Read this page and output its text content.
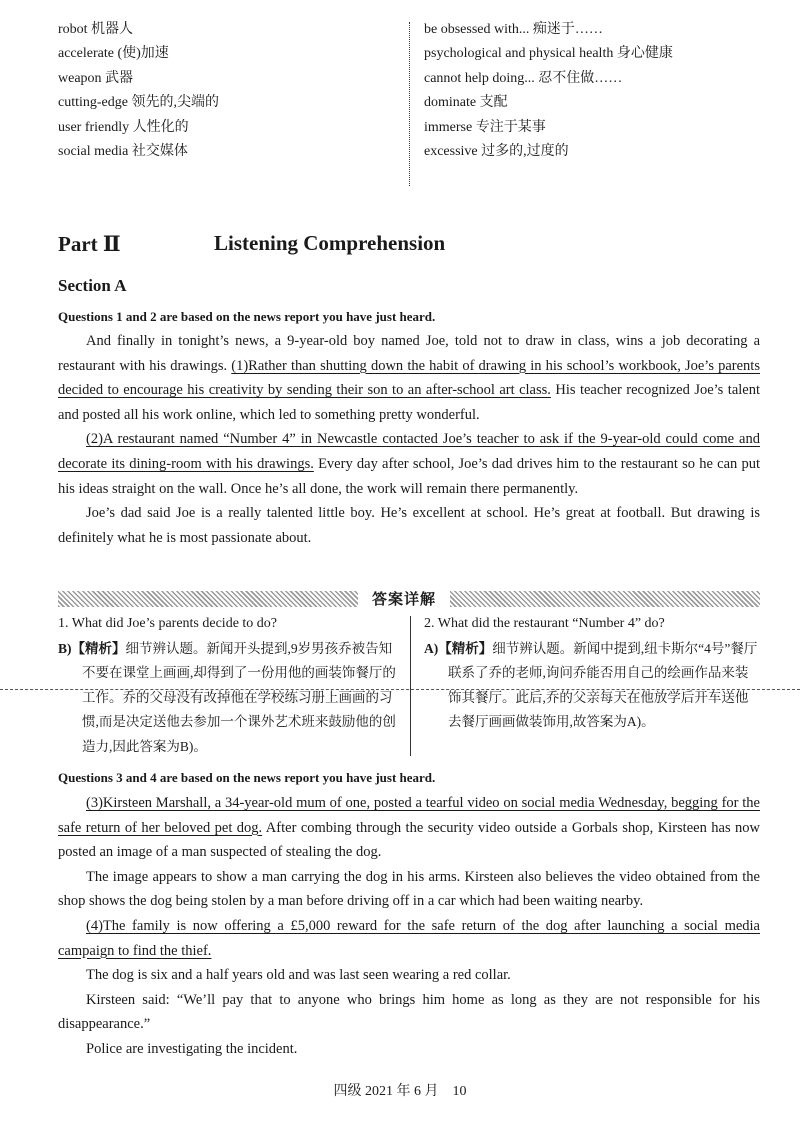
robot 机器人
accelerate (使)加速
weapon 武器
cutting-edge 领先的,尖端的
user friendly 人性化的
social media 社交媒体
be obsessed with... 痴迷于……
psychological and physical health 身心健康
cannot help doing... 忍不住做……
dominate 支配
immerse 专注于某事
excessive 过多的,过度的
Part Ⅱ	Listening Comprehension
Section A
Questions 1 and 2 are based on the news report you have just heard.

And finally in tonight’s news, a 9-year-old boy named Joe, told not to draw in class, wins a job decorating a restaurant with his drawings. (1)Rather than shutting down the habit of drawing in his school’s workbook, Joe’s parents decided to encourage his creativity by sending their son to an after-school art class. His teacher recognized Joe’s talent and posted all his work online, which led to something pretty wonderful.

(2)A restaurant named “Number 4” in Newcastle contacted Joe’s teacher to ask if the 9-year-old could come and decorate its dining-room with his drawings. Every day after school, Joe’s dad drives him to the restaurant so he can put his ideas straight on the wall. Once he’s all done, the work will remain there permanently.

Joe’s dad said Joe is a really talented little boy. He’s excellent at school. He’s great at football. But drawing is definitely what he is most passionate about.

答案详解

1. What did Joe’s parents decide to do?

B)【精析】细节辨认题。新闻开头提到,9岁男孩乔被告知不要在课堂上画画,却得到了一份用他的画装饰餐厅的工作。乔的父母没有改掉他在学校练习册上画画的习惯,而是决定送他去参加一个课外艺术班来鼓励他的创造力,因此答案为B)。

2. What did the restaurant “Number 4” do?

A)【精析】细节辨认题。新闻中提到,纽卡斯尔“4号”餐厅联系了乔的老师,询问乔能否用自己的绘画作品来装饰其餐厅。此后,乔的父亲每天在他放学后开车送他去餐厅画画做装饰用,故答案为A)。

Questions 3 and 4 are based on the news report you have just heard.

(3)Kirsteen Marshall, a 34-year-old mum of one, posted a tearful video on social media Wednesday, begging for the safe return of her beloved pet dog. After combing through the security video outside a Gorbals shop, Kirsteen has now posted an image of a man suspected of stealing the dog.

The image appears to show a man carrying the dog in his arms. Kirsteen also believes the video obtained from the shop shows the dog being stolen by a man before driving off in a car which had been waiting nearby.

(4)The family is now offering a £5,000 reward for the safe return of the dog after launching a social media campaign to find the thief.

The dog is six and a half years old and was last seen wearing a red collar.

Kirsteen said: “We’ll pay that to anyone who brings him home as long as they are not responsible for his disappearance.”

Police are investigating the incident.

四级 2021 年 6 月　10
